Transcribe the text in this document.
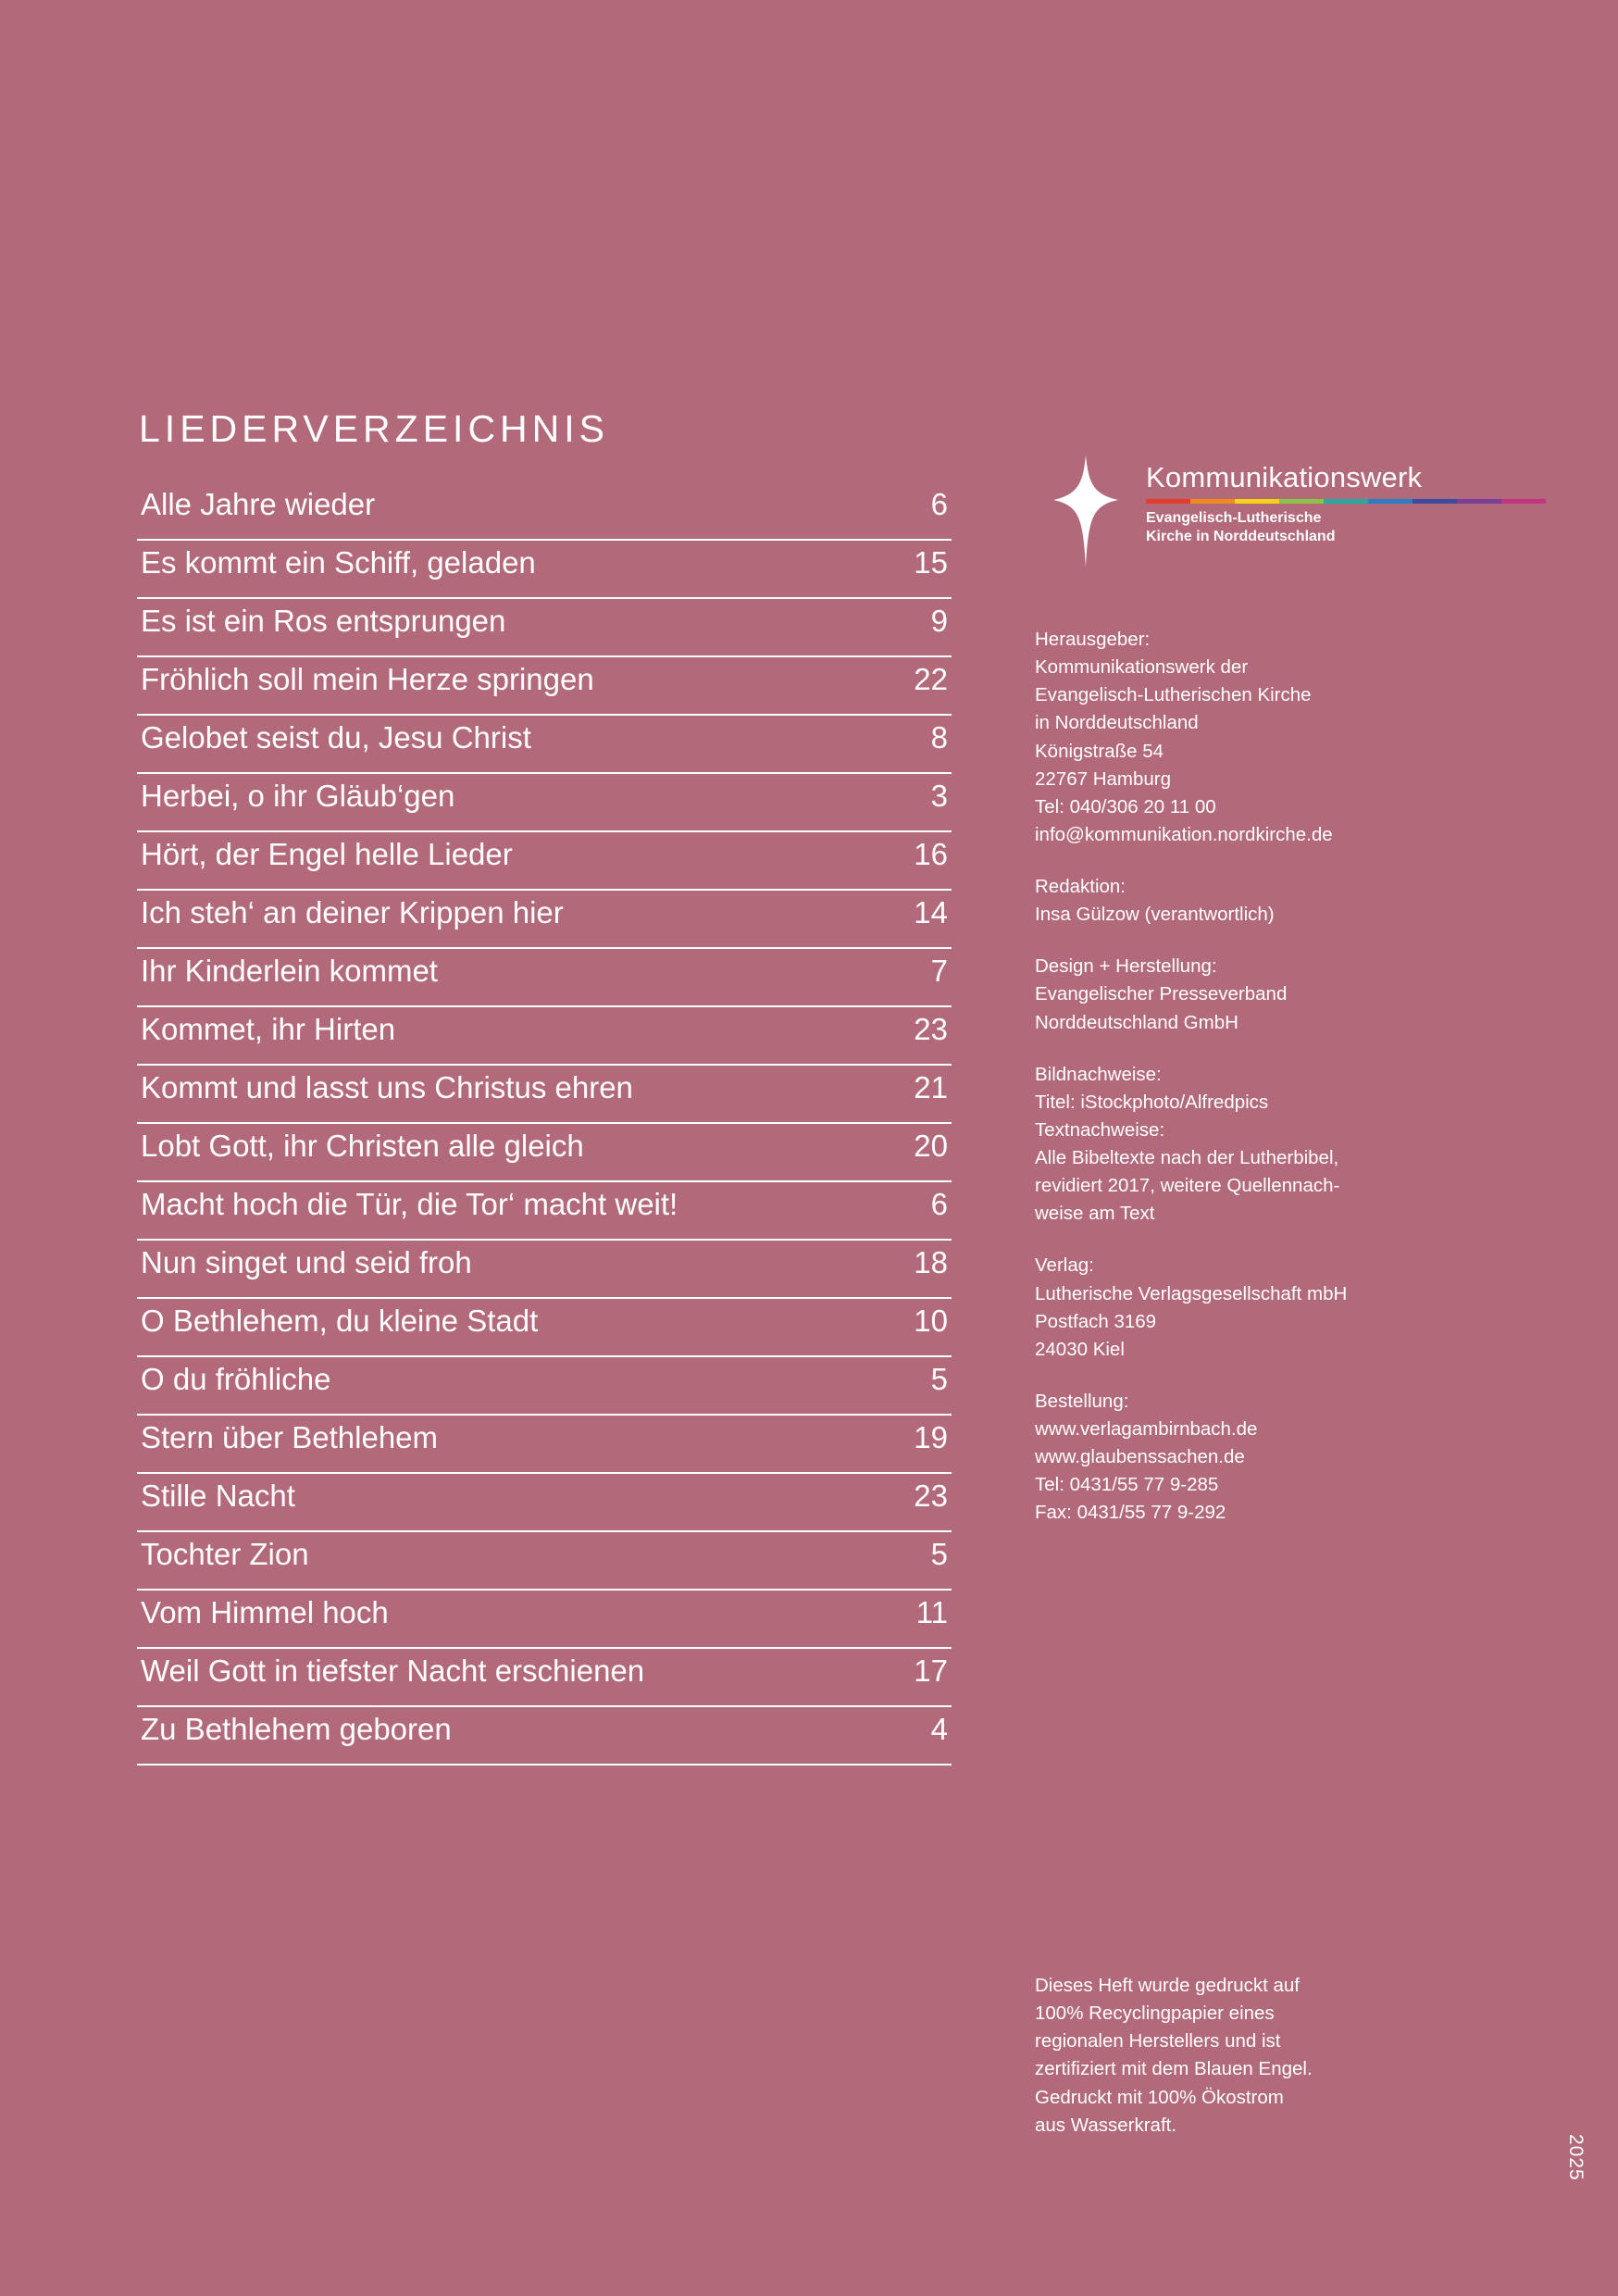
LIEDERVERZEICHNIS
Alle Jahre wieder	6
Es kommt ein Schiff, geladen	15
Es ist ein Ros entsprungen	9
Fröhlich soll mein Herze springen	22
Gelobet seist du, Jesu Christ	8
Herbei, o ihr Gläub‘gen	3
Hört, der Engel helle Lieder	16
Ich steh‘ an deiner Krippen hier	14
Ihr Kinderlein kommet	7
Kommet, ihr Hirten	23
Kommt und lasst uns Christus ehren	21
Lobt Gott, ihr Christen alle gleich	20
Macht hoch die Tür, die Tor‘ macht weit!	6
Nun singet und seid froh	18
O Bethlehem, du kleine Stadt	10
O du fröhliche	5
Stern über Bethlehem	19
Stille Nacht	23
Tochter Zion	5
Vom Himmel hoch	11
Weil Gott in tiefster Nacht erschienen	17
Zu Bethlehem geboren	4
Kommunikationswerk
Evangelisch-Lutherische
Kirche in Norddeutschland

Herausgeber:

Kommunikationswerk der

Evangelisch-Lutherischen Kirche

in Norddeutschland

Königstraße 54

22767 Hamburg

Tel: 040/306 20 11 00

info@kommunikation.nordkirche.de

Redaktion:

Insa Gülzow (verantwortlich)

Design + Herstellung:

Evangelischer Presseverband

Norddeutschland GmbH

Bildnachweise:

Titel: iStockphoto/Alfredpics

Textnachweise:

Alle Bibeltexte nach der Lutherbibel,

revidiert 2017, weitere Quellennach-

weise am Text

Verlag:

Lutherische Verlagsgesellschaft mbH

Postfach 3169

24030 Kiel

Bestellung:

www.verlagambirnbach.de

www.glaubenssachen.de

Tel: 0431/55 77 9-285

Fax: 0431/55 77 9-292

Dieses Heft wurde gedruckt auf

100% Recyclingpapier eines

regionalen Herstellers und ist

zertifiziert mit dem Blauen Engel.

Gedruckt mit 100% Ökostrom

aus Wasserkraft.

2025
